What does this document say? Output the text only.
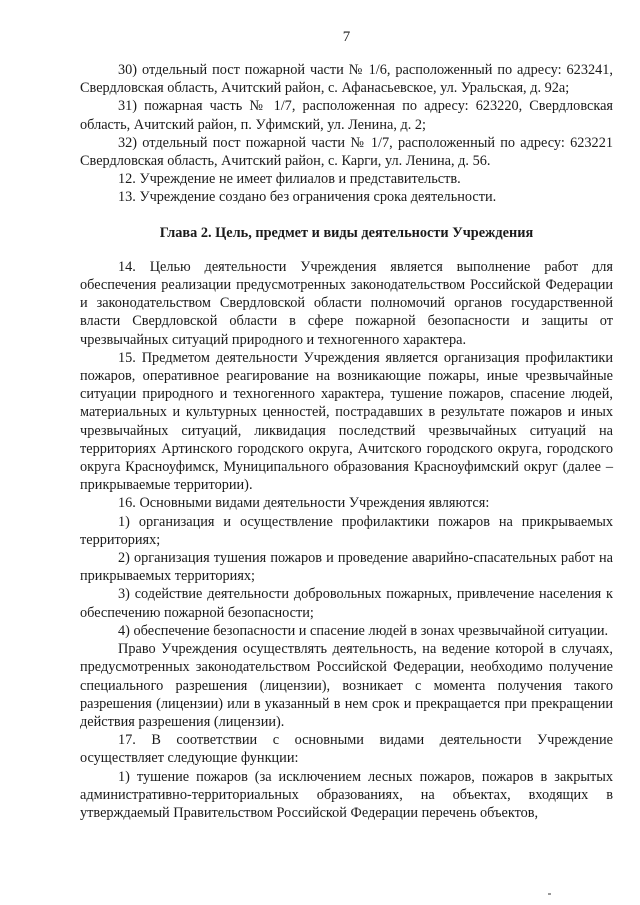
7

30) отдельный пост пожарной части № 1/6, расположенный по адресу: 623241, Свердловская область, Ачитский район, с. Афанасьевское, ул. Уральская, д. 92а;

31) пожарная часть № 1/7, расположенная по адресу: 623220, Свердловская область, Ачитский район, п. Уфимский, ул. Ленина, д. 2;

32) отдельный пост пожарной части № 1/7, расположенный по адресу: 623221 Свердловская область, Ачитский район, с. Карги, ул. Ленина, д. 56.

12. Учреждение не имеет филиалов и представительств.

13. Учреждение создано без ограничения срока деятельности.

Глава 2. Цель, предмет и виды деятельности Учреждения

14. Целью деятельности Учреждения является выполнение работ для обеспечения реализации предусмотренных законодательством Российской Федерации и законодательством Свердловской области полномочий органов государственной власти Свердловской области в сфере пожарной безопасности и защиты от чрезвычайных ситуаций природного и техногенного характера.

15. Предметом деятельности Учреждения является организация профилактики пожаров, оперативное реагирование на возникающие пожары, иные чрезвычайные ситуации природного и техногенного характера, тушение пожаров, спасение людей, материальных и культурных ценностей, пострадавших в результате пожаров и иных чрезвычайных ситуаций, ликвидация последствий чрезвычайных ситуаций на территориях Артинского городского округа, Ачитского городского округа, городского округа Красноуфимск, Муниципального образования Красноуфимский округ (далее – прикрываемые территории).

16. Основными видами деятельности Учреждения являются:

1) организация и осуществление профилактики пожаров на прикрываемых территориях;

2) организация тушения пожаров и проведение аварийно-спасательных работ на прикрываемых территориях;

3) содействие деятельности добровольных пожарных, привлечение населения к обеспечению пожарной безопасности;

4) обеспечение безопасности и спасение людей в зонах чрезвычайной ситуации.

Право Учреждения осуществлять деятельность, на ведение которой в случаях, предусмотренных законодательством Российской Федерации, необходимо получение специального разрешения (лицензии), возникает с момента получения такого разрешения (лицензии) или в указанный в нем срок и прекращается при прекращении действия разрешения (лицензии).

17. В соответствии с основными видами деятельности Учреждение осуществляет следующие функции:

1) тушение пожаров (за исключением лесных пожаров, пожаров в закрытых административно-территориальных образованиях, на объектах, входящих в утверждаемый Правительством Российской Федерации перечень объектов,
